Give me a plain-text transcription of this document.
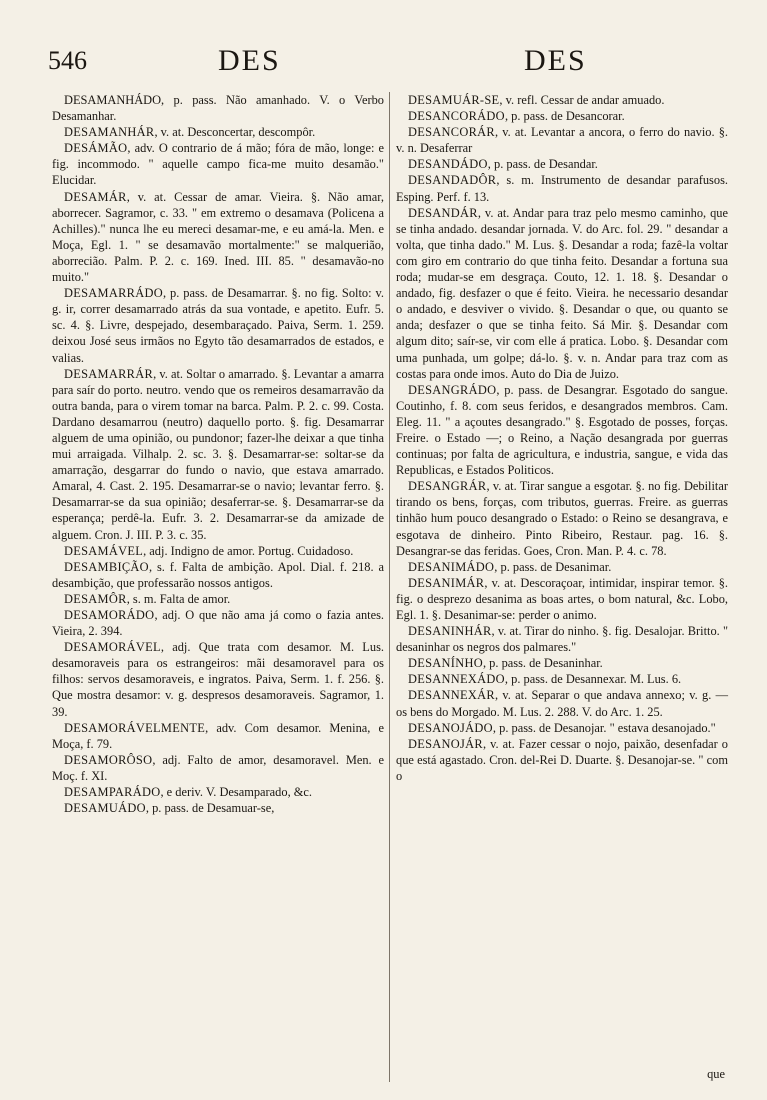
546	DES	DES

DESAMANHÁDO, p. pass. Não amanhado. V. o Verbo Desamanhar.

DESAMANHÁR, v. at. Desconcertar, descompôr.

DESÁMÃO, adv. O contrario de á mão; fóra de mão, longe: e fig. incommodo. " aquelle campo fica-me muito desamão." Elucidar.

DESAMÁR, v. at. Cessar de amar. Vieira. §. Não amar, aborrecer. Sagramor, c. 33. " em extremo o desamava (Policena a Achilles)." nunca lhe eu mereci desamar-me, e eu amá-la. Men. e Moça, Egl. 1. " se desamavão mortalmente:" se malquerião, aborrecião. Palm. P. 2. c. 169. Ined. III. 85. " desamavão-no muito."

DESAMARRÁDO, p. pass. de Desamarrar. §. no fig. Solto: v. g. ir, correr desamarrado atrás da sua vontade, e apetito. Eufr. 5. sc. 4. §. Livre, despejado, desembaraçado. Paiva, Serm. 1. 259. deixou José seus irmãos no Egyto tão desamarrados de estados, e valias.

DESAMARRÁR, v. at. Soltar o amarrado. §. Levantar a amarra para saír do porto. neutro. vendo que os remeiros desamarravão da outra banda, para o virem tomar na barca. Palm. P. 2. c. 99. Costa. Dardano desamarrou (neutro) daquello porto. §. fig. Desamarrar alguem de uma opinião, ou pundonor; fazer-lhe deixar a que tinha mui arraigada. Vilhalp. 2. sc. 3. §. Desamarrar-se: soltar-se da amarração, desgarrar do fundo o navio, que estava amarrado. Amaral, 4. Cast. 2. 195. Desamarrar-se o navio; levantar ferro. §. Desamarrar-se da sua opinião; desaferrar-se. §. Desamarrar-se da esperança; perdê-la. Eufr. 3. 2. Desamarrar-se da amizade de alguem. Cron. J. III. P. 3. c. 35.

DESAMÁVEL, adj. Indigno de amor. Portug. Cuidadoso.

DESAMBIÇÃO, s. f. Falta de ambição. Apol. Dial. f. 218. a desambição, que professarão nossos antigos.

DESAMÔR, s. m. Falta de amor.

DESAMORÁDO, adj. O que não ama já como o fazia antes. Vieira, 2. 394.

DESAMORÁVEL, adj. Que trata com desamor. M. Lus. desamoraveis para os estrangeiros: mãi desamoravel para os filhos: servos desamoraveis, e ingratos. Paiva, Serm. 1. f. 256. §. Que mostra desamor: v. g. despresos desamoraveis. Sagramor, 1. 39.

DESAMORÁVELMENTE, adv. Com desamor. Menina, e Moça, f. 79.

DESAMORÔSO, adj. Falto de amor, desamoravel. Men. e Moç. f. XI.

DESAMPARÁDO, e deriv. V. Desamparado, &c.

DESAMUÁDO, p. pass. de Desamuar-se,

DESAMUÁR-SE, v. refl. Cessar de andar amuado.

DESANCORÁDO, p. pass. de Desancorar.

DESANCORÁR, v. at. Levantar a ancora, o ferro do navio. §. v. n. Desaferrar

DESANDÁDO, p. pass. de Desandar.

DESANDADÔR, s. m. Instrumento de desandar parafusos. Esping. Perf. f. 13.

DESANDÁR, v. at. Andar para traz pelo mesmo caminho, que se tinha andado. desandar jornada. V. do Arc. fol. 29. " desandar a volta, que tinha dado." M. Lus. §. Desandar a roda; fazê-la voltar com giro em contrario do que tinha feito. Desandar a fortuna sua roda; mudar-se em desgraça. Couto, 12. 1. 18. §. Desandar o andado, fig. desfazer o que é feito. Vieira. he necessario desandar o andado, e desviver o vivido. §. Desandar o que, ou quanto se anda; desfazer o que se tinha feito. Sá Mir. §. Desandar com algum dito; saír-se, vir com elle á pratica. Lobo. §. Desandar com uma punhada, um golpe; dá-lo. §. v. n. Andar para traz com as costas para onde imos. Auto do Dia de Juizo.

DESANGRÁDO, p. pass. de Desangrar. Esgotado do sangue. Coutinho, f. 8. com seus feridos, e desangrados membros. Cam. Eleg. 11. " a açoutes desangrado." §. Esgotado de posses, forças. Freire. o Estado —; o Reino, a Nação desangrada por guerras continuas; por falta de agricultura, e industria, sangue, e vida das Republicas, e Estados Politicos.

DESANGRÁR, v. at. Tirar sangue a esgotar. §. no fig. Debilitar tirando os bens, forças, com tributos, guerras. Freire. as guerras tinhão hum pouco desangrado o Estado: o Reino se desangrava, e esgotava de dinheiro. Pinto Ribeiro, Restaur. pag. 16. §. Desangrar-se das feridas. Goes, Cron. Man. P. 4. c. 78.

DESANIMÁDO, p. pass. de Desanimar.

DESANIMÁR, v. at. Descoraçoar, intimidar, inspirar temor. §. fig. o desprezo desanima as boas artes, o bom natural, &c. Lobo, Egl. 1. §. Desanimar-se: perder o animo.

DESANINHÁR, v. at. Tirar do ninho. §. fig. Desalojar. Britto. " desaninhar os negros dos palmares."

DESANÍNHO, p. pass. de Desaninhar.

DESANNEXÁDO, p. pass. de Desannexar. M. Lus. 6.

DESANNEXÁR, v. at. Separar o que andava annexo; v. g. — os bens do Morgado. M. Lus. 2. 288. V. do Arc. 1. 25.

DESANOJÁDO, p. pass. de Desanojar. " estava desanojado."

DESANOJÁR, v. at. Fazer cessar o nojo, paixão, desenfadar o que está agastado. Cron. del-Rei D. Duarte. §. Desanojar-se. " com o

que
